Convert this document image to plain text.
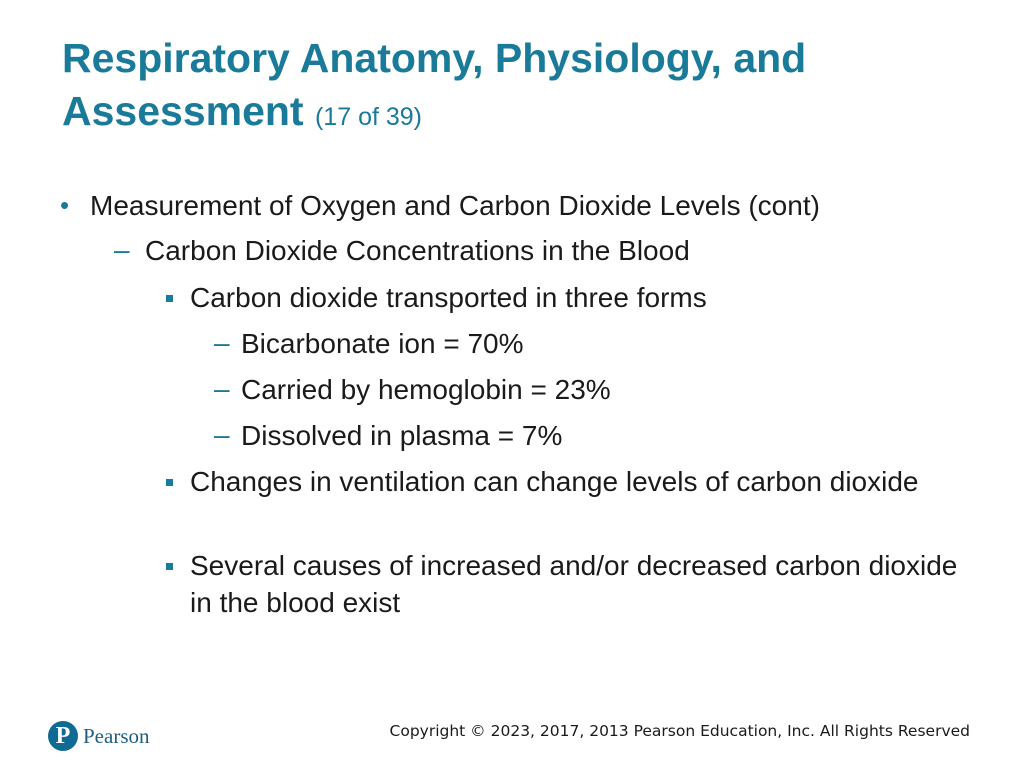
Respiratory Anatomy, Physiology, and Assessment (17 of 39)
• Measurement of Oxygen and Carbon Dioxide Levels (cont)
– Carbon Dioxide Concentrations in the Blood
Carbon dioxide transported in three forms
– Bicarbonate ion = 70%
– Carried by hemoglobin = 23%
– Dissolved in plasma = 7%
Changes in ventilation can change levels of carbon dioxide
Several causes of increased and/or decreased carbon dioxide in the blood exist
P Pearson	Copyright © 2023, 2017, 2013 Pearson Education, Inc. All Rights Reserved
